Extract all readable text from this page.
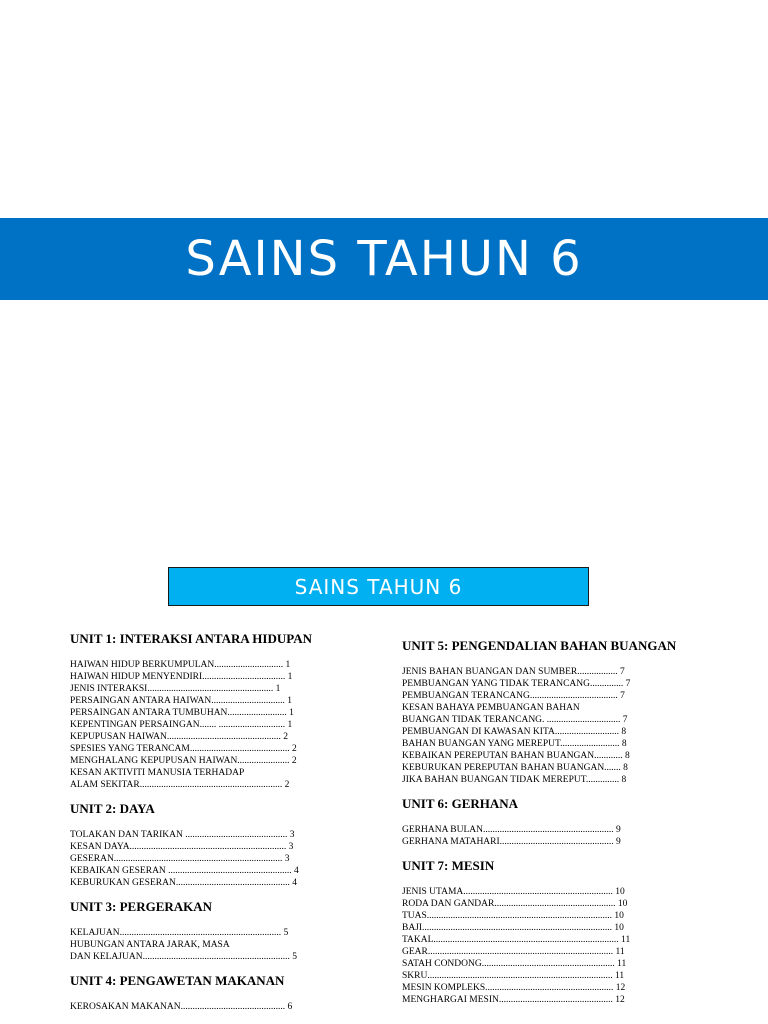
SAINS TAHUN 6
SAINS TAHUN 6
UNIT 1: INTERAKSI ANTARA HIDUPAN
HAIWAN HIDUP BERKUMPULAN............................. 1
HAIWAN HIDUP MENYENDIRI................................... 1
JENIS INTERAKSI..................................................... 1
PERSAINGAN ANTARA HAIWAN............................... 1
PERSAINGAN ANTARA TUMBUHAN......................... 1
KEPENTINGAN PERSAINGAN....... ............................ 1
KEPUPUSAN HAIWAN................................................ 2
SPESIES YANG TERANCAM.......................................... 2
MENGHALANG KEPUPUSAN HAIWAN...................... 2
KESAN AKTIVITI MANUSIA TERHADAP
ALAM SEKITAR............................................................ 2
UNIT 2: DAYA
TOLAKAN DAN TARIKAN ........................................... 3
KESAN DAYA.................................................................. 3
GESERAN....................................................................... 3
KEBAIKAN GESERAN .................................................... 4
KEBURUKAN GESERAN................................................ 4
UNIT 3: PERGERAKAN
KELAJUAN.................................................................... 5
HUBUNGAN ANTARA JARAK, MASA
DAN KELAJUAN.............................................................. 5
UNIT 4: PENGAWETAN MAKANAN
KEROSAKAN MAKANAN............................................ 6
UNIT 5: PENGENDALIAN BAHAN BUANGAN
JENIS BAHAN BUANGAN DAN SUMBER................. 7
PEMBUANGAN YANG TIDAK TERANCANG.............. 7
PEMBUANGAN TERANCANG..................................... 7
KESAN BAHAYA PEMBUANGAN BAHAN
BUANGAN TIDAK TERANCANG. ............................... 7
PEMBUANGAN DI KAWASAN KITA........................... 8
BAHAN BUANGAN YANG MEREPUT......................... 8
KEBAIKAN PEREPUTAN BAHAN BUANGAN............ 8
KEBURUKAN PEREPUTAN BAHAN BUANGAN....... 8
JIKA BAHAN BUANGAN TIDAK MEREPUT.............. 8
UNIT 6: GERHANA
GERHANA BULAN....................................................... 9
GERHANA MATAHARI................................................ 9
UNIT 7: MESIN
JENIS UTAMA............................................................... 10
RODA DAN GANDAR................................................... 10
TUAS.............................................................................. 10
BAJI................................................................................ 10
TAKAL.............................................................................. 11
GEAR.............................................................................. 11
SATAH CONDONG........................................................ 11
SKRU.............................................................................. 11
MESIN KOMPLEKS...................................................... 12
MENGHARGAI MESIN................................................ 12
